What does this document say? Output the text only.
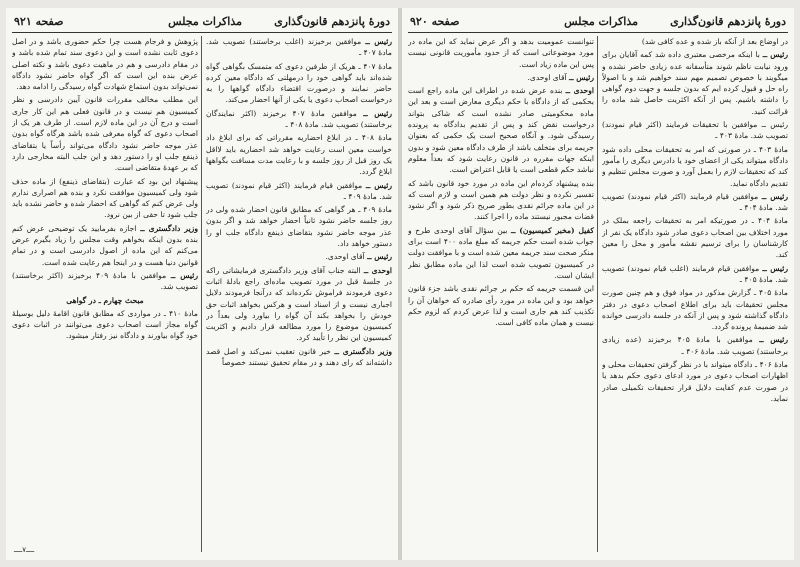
دورهٔ پانزدهم قانون‌گذاری
مذاکرات مجلس
صفحه ۹۲۱

رئیس ــ موافقین برخیزند (اغلب برخاستند) تصویب شد. مادهٔ ۴۰۷ ـ

مادهٔ ۴۰۷ ـ هریک از طرفین دعوی که متمسک بگواهی گواه شده‌اند باید گواهی خود را درمهلتی که دادگاه معین کرده حاضر نمایند و درصورت اقتضاء دادگاه گواهها را به درخواست اصحاب دعوی یا یکی از آنها احضار می‌کند.

رئیس ــ موافقین مادهٔ ۴۰۷ برخیزند (اکثر نمایندگان برخاستند) تصویب شد. مادهٔ ۴۰۸ ـ

مادهٔ ۴۰۸ ـ در ابلاغ احضاریه مقرراتی که برای ابلاغ داد خواست معین است رعایت خواهد شد احضاریه باید لااقل یک روز قبل از روز جلسه و با رعایت مدت مسافت بگواهها ابلاغ گردد.

رئیس ــ موافقین قیام فرمایند (اکثر قیام نمودند) تصویب شد. مادهٔ ۴۰۹ ـ

مادهٔ ۴۰۹ ـ هر گواهی که مطابق قانون احضار شده ولی در روز جلسه حاضر نشود ثانیاً احضار خواهد شد و اگر بدون عذر موجه حاضر نشود بتقاضای ذینفع دادگاه جلب او را دستور خواهد داد.

رئیس ــ آقای اوحدی.

اوحدی ــ البته جناب آقای وزیر دادگستری فرمایشاتی راکه در جلسهٔ قبل در مورد تصویب ماده‌ای راجع بادلهٔ اثبات دعوی فرمودند فراموش نکرده‌اند که درآنجا فرمودند دلایل اجباری نیست و از اسناد است و هرکس بخواهد اثبات حق خودش را بخواهد بکند آن گواه را بیاورد ولی بعداً در کمیسیون موضوع را مورد مطالعه قرار دادیم و اکثریت کمیسیون این نظر را تأیید کرد.

وزیر دادگستری ــ خیر قانون تعقیب نمی‌کند و اصل قصد داشته‌اند که رای دهند و در مقام تحقیق نیستند خصوصاً

پژوهش و فرجام هست چرا حکم حضوری باشد و در اصل دعوی ثابت نشده است و این دعوی سند تمام شده باشد و در مقام دادرسی و هم در ماهیت دعوی باشد و نکته اصلی عرض بنده این است که اگر گواه حاضر نشود دادگاه نمی‌تواند بدون استماع شهادت گواه رسیدگی را ادامه دهد.

این مطلب مخالف مقررات قانون آیین دادرسی و نظر کمیسیون هم نیست و در قانون فعلی هم این کار جاری است و درج آن در این ماده لازم است. از طرف هر یک از اصحاب دعوی که گواه معرفی شده باشد هرگاه گواه بدون عذر موجه حاضر نشود دادگاه می‌تواند رأساً یا بتقاضای ذینفع جلب او را دستور دهد و این جلب البته مخارجی دارد که بر عهدهٔ متقاضی است.

پیشنهاد این بود که عبارت (بتقاضای ذینفع) از ماده حذف شود ولی کمیسیون موافقت نکرد و بنده هم اصراری ندارم ولی عرض کنم که گواهی که احضار شده و حاضر نشده باید جلب شود تا حقی از بین نرود.

وزیر دادگستری ــ اجازه بفرمایید یک توضیحی عرض کنم بنده بدون اینکه بخواهم وقت مجلس را زیاد بگیرم عرض می‌کنم که این ماده از اصول دادرسی است و در تمام قوانین دنیا هست و در اینجا هم رعایت شده است.

رئیس ــ موافقین با مادهٔ ۴۰۹ برخیزند (اکثر برخاستند) تصویب شد.

مبحث چهارم ـ در گواهی

مادهٔ ۴۱۰ ـ در مواردی که مطابق قانون اقامهٔ دلیل بوسیلهٔ گواه مجاز است اصحاب دعوی می‌توانند در اثبات دعوی خود گواه بیاورند و دادگاه نیز رفتار میشود.

ــــ۷ــــ
دورهٔ پانزدهم قانون‌گذاری
مذاکرات مجلس
صفحه ۹۲۰

در اوضاع بعد از آنکه باز شده و عده کافی شد)

رئیس ــ با اینکه مرخصی معتبری داده شد کمه آقایان برای ورود نیابت ناظم شوند متأسفانه عده زیادی حاضر نشده و میگویند با خصوص تصمیم مهم سند خواهیم شد و با اصولاً راه حل و قبول کرده ایم که بدون جلسه و جهت دوم گواهی را داشته باشیم. پس از آنکه اکثریت حاصل شد ماده را قرائت کنید.

رئیس ــ موافقین با تحقیقات فرمایند (اکثر قیام نمودند) تصویب شد. مادهٔ ۴۰۳ ـ

مادهٔ ۴۰۳ ـ در صورتی که امر به تحقیقات محلی داده شود دادگاه میتواند یکی از اعضای خود یا دادرس دیگری را مأمور کند که تحقیقات لازم را بعمل آورد و صورت مجلس تنظیم و تقدیم دادگاه نماید.

رئیس ــ موافقین قیام فرمایند (اکثر قیام نمودند) تصویب شد. مادهٔ ۴۰۴ ـ

مادهٔ ۴۰۴ ـ در صورتیکه امر به تحقیقات راجعه بملک در مورد اختلاف بین اصحاب دعوی صادر شود دادگاه یک نفر از کارشناسان را برای ترسیم نقشه مأمور و محل را معین کند.

رئیس ــ موافقین قیام فرمایند (اغلب قیام نمودند) تصویب شد. مادهٔ ۴۰۵ ـ

مادهٔ ۴۰۵ ـ گزارش مذکور در مواد فوق و هم چنین صورت مجلس تحقیقات باید برای اطلاع اصحاب دعوی در دفتر دادگاه گذاشته شود و پس از آنکه در جلسه دادرسی خوانده شد ضمیمهٔ پرونده گردد.

رئیس ــ موافقین با مادهٔ ۴۰۵ برخیزند (عده زیادی برخاستند) تصویب شد. مادهٔ ۴۰۶ ـ

مادهٔ ۴۰۶ ـ دادگاه میتواند با در نظر گرفتن تحقیقات محلی و اظهارات اصحاب دعوی در مورد ادعای دعوی حکم بدهد یا در صورت عدم کفایت دلایل قرار تحقیقات تکمیلی صادر نماید.

تنوانست عمومیت بدهد و اگر عرض نماید که این ماده در مورد موضوعاتی است که از حدود مأموریت قانونی نیست پس این ماده زیاد است.

رئیس ــ آقای اوحدی.

اوحدی ــ بنده عرض شده در اطراف این ماده راجع است بحکمی که از دادگاه با حکم دیگری معارض است و بعد این ماده محکومیتی صادر نشده است که شاکی بتواند درخواست نقض کند و پس از تقدیم بدادگاه به پرونده رسیدگی شود. و آنگاه صحیح است یک حکمی که بعنوان جریمه برای متخلف باشد از طرف دادگاه معین شود و بدون اینکه جهات مقرره در قانون رعایت شود که بعداً معلوم نباشد حکم قطعی است یا قابل اعتراض است.

بنده پیشنهاد کرده‌ام این ماده در مورد خود قانون باشد که تفسیر نکرده و نظر دولت هم همین است و لازم است که در این ماده جرائم نقدی بطور صریح ذکر شود و اگر نشود قضات مجبور نیستند ماده را اجرا کنند.

کفیل (مخبر کمیسیون) ــ بین سؤال آقای اوحدی طرح و جواب شده است حکم جریمه که مبلغ ماده ۴۰۰ است برای منکر صحت سند جریمه معین شده است و با موافقت دولت در کمیسیون تصویب شده است لذا این ماده مطابق نظر ایشان است.

این قسمت جریمه که حکم بر جرائم نقدی باشد جزء قانون خواهد بود و این ماده در مورد رأی صادره که خواهان آن را تکذیب کند هم جاری است و لذا عرض کردم که لزوم حکم نیست و همان ماده کافی است.
